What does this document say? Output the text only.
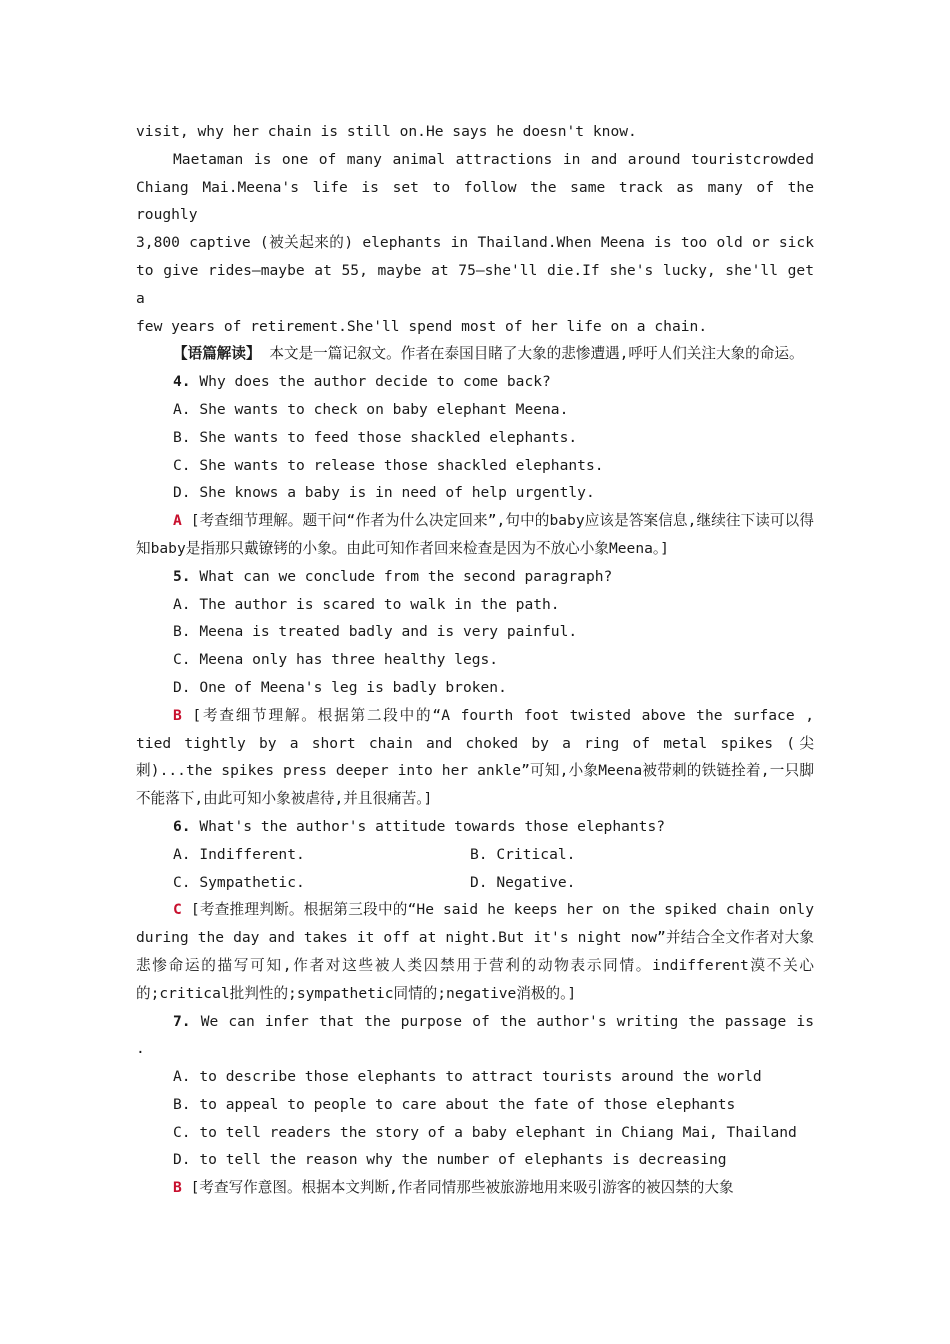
visit, why her chain is still on.He says he doesn't know.

Maetaman is one of many animal attractions in and around touristcrowded

Chiang Mai.Meena's life is set to follow the same track as many of the roughly

3,800 captive (被关起来的) elephants in Thailand.When Meena is too old or sick

to give rides—maybe at 55, maybe at 75—she'll die.If she's lucky, she'll get a

few years of retirement.She'll spend most of her life on a chain.

【语篇解读】 本文是一篇记叙文。作者在泰国目睹了大象的悲惨遭遇,呼吁人们关注大象的命运。

4. Why does the author decide to come back?

A. She wants to check on baby elephant Meena.

B. She wants to feed those shackled elephants.

C. She wants to release those shackled elephants.

D. She knows a baby is in need of help urgently.

A [考查细节理解。题干问“作者为什么决定回来”,句中的baby应该是答案信息,继续往下读可以得知baby是指那只戴镣铐的小象。由此可知作者回来检查是因为不放心小象Meena。]

5. What can we conclude from the second paragraph?

A. The author is scared to walk in the path.

B. Meena is treated badly and is very painful.

C. Meena only has three healthy legs.

D. One of Meena's leg is badly broken.

B [考查细节理解。根据第二段中的“A fourth foot twisted above the surface , tied tightly by a short chain and choked by a ring of metal spikes (尖刺)...the spikes press deeper into her ankle”可知,小象Meena被带刺的铁链拴着,一只脚不能落下,由此可知小象被虐待,并且很痛苦。]

6. What's the author's attitude towards those elephants?

A. Indifferent.	B. Critical.
C. Sympathetic.	D. Negative.

C [考查推理判断。根据第三段中的“He said he keeps her on the spiked chain only during the day and takes it off at night.But it's night now”并结合全文作者对大象悲惨命运的描写可知,作者对这些被人类囚禁用于营利的动物表示同情。indifferent漠不关心的;critical批判性的;sympathetic同情的;negative消极的。]

7. We can infer that the purpose of the author's writing the passage is

.

A. to describe those elephants to attract tourists around the world

B. to appeal to people to care about the fate of those elephants

C. to tell readers the story of a baby elephant in Chiang Mai, Thailand

D. to tell the reason why the number of elephants is decreasing

B [考查写作意图。根据本文判断,作者同情那些被旅游地用来吸引游客的被囚禁的大象
